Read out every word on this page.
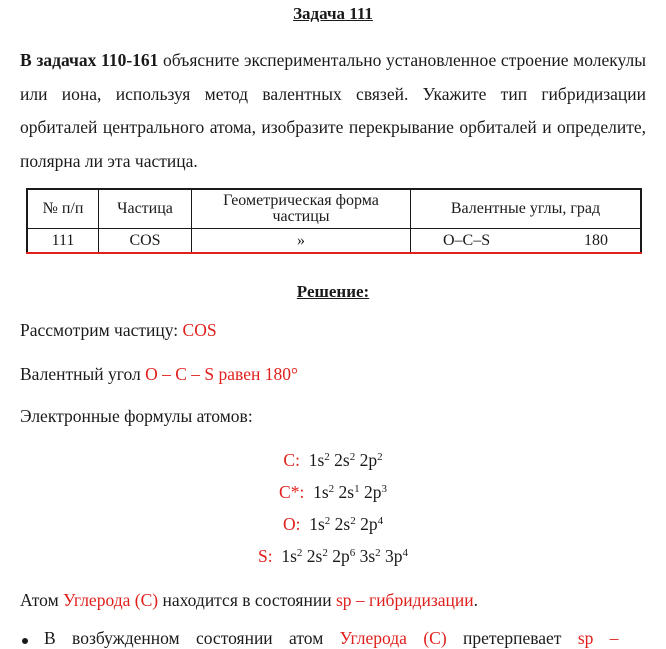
Задача 111
В задачах 110-161 объясните экспериментально установленное строение молекулы или иона, используя метод валентных связей. Укажите тип гибридизации орбиталей центрального атома, изобразите перекрывание орбиталей и определите, полярна ли эта частица.
№ п/п	Частица	Геометрическая форма частицы	Валентные углы, град
111	COS	»	O–C–S 180
Решение:
Рассмотрим частицу: COS
Валентный угол O – C – S равен 180°
Электронные формулы атомов:
C: $1s^2$ $2s^2$ $2p^2$
C*: $1s^2$ $2s^1$ $2p^3$
O: $1s^2$ $2s^2$ $2p^4$
S: $1s^2$ $2s^2$ $2p^6$ $3s^2$ $3p^4$
Атом Углерода (С) находится в состоянии sp – гибридизации.
В возбужденном состоянии атом Углерода (С) претерпевает sp –
